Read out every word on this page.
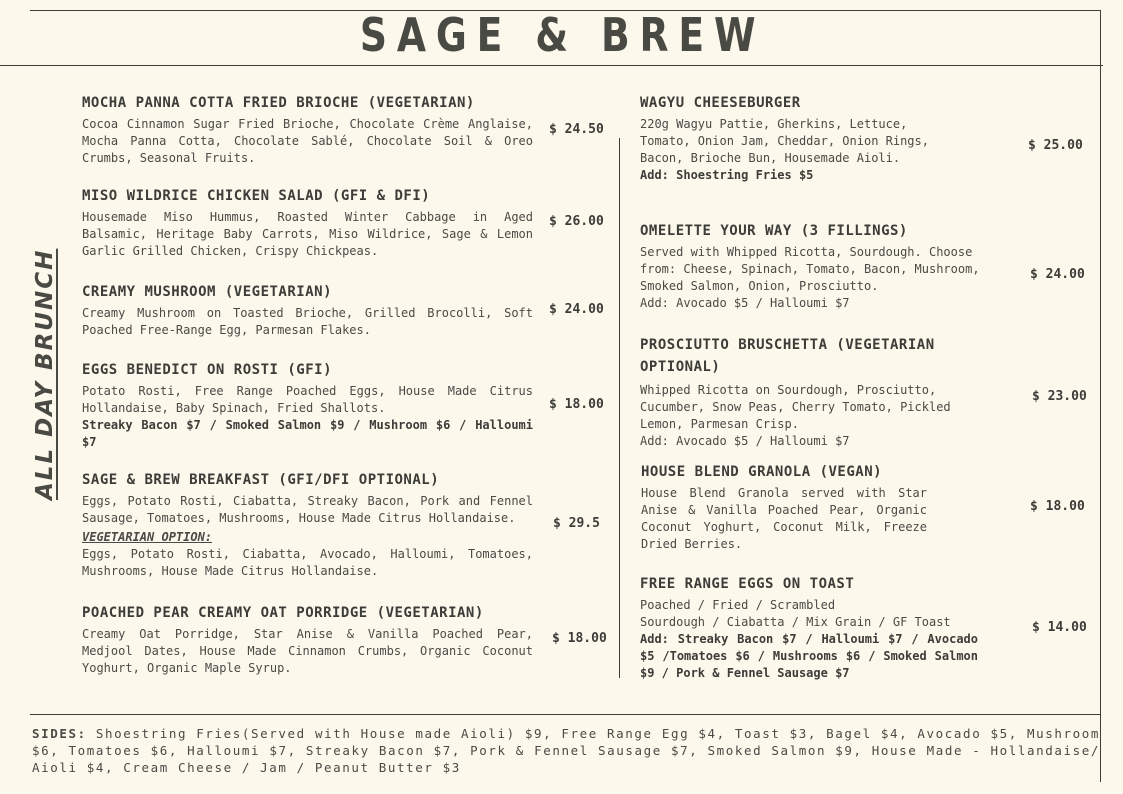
SAGE & BREW
ALL DAY BRUNCH
MOCHA PANNA COTTA FRIED BRIOCHE (VEGETARIAN)

Cocoa Cinnamon Sugar Fried Brioche, Chocolate Crème Anglaise, Mocha Panna Cotta, Chocolate Sablé, Chocolate Soil & Oreo Crumbs, Seasonal Fruits.

$ 24.50
MISO WILDRICE CHICKEN SALAD (GFI & DFI)

Housemade Miso Hummus, Roasted Winter Cabbage in Aged Balsamic, Heritage Baby Carrots, Miso Wildrice, Sage & Lemon Garlic Grilled Chicken, Crispy Chickpeas.

$ 26.00
CREAMY MUSHROOM (VEGETARIAN)

Creamy Mushroom on Toasted Brioche, Grilled Brocolli, Soft Poached Free-Range Egg, Parmesan Flakes.

$ 24.00
EGGS BENEDICT ON ROSTI (GFI)

Potato Rosti, Free Range Poached Eggs, House Made Citrus Hollandaise, Baby Spinach, Fried Shallots.

Streaky Bacon $7 / Smoked Salmon $9 / Mushroom $6 / Halloumi $7

$ 18.00
SAGE & BREW BREAKFAST (GFI/DFI OPTIONAL)

Eggs, Potato Rosti, Ciabatta, Streaky Bacon, Pork and Fennel Sausage, Tomatoes, Mushrooms, House Made Citrus Hollandaise.

VEGETARIAN OPTION:

Eggs, Potato Rosti, Ciabatta, Avocado, Halloumi, Tomatoes, Mushrooms, House Made Citrus Hollandaise.

$ 29.5
POACHED PEAR CREAMY OAT PORRIDGE (VEGETARIAN)

Creamy Oat Porridge, Star Anise & Vanilla Poached Pear, Medjool Dates, House Made Cinnamon Crumbs, Organic Coconut Yoghurt, Organic Maple Syrup.

$ 18.00
WAGYU CHEESEBURGER

220g Wagyu Pattie, Gherkins, Lettuce, Tomato, Onion Jam, Cheddar, Onion Rings, Bacon, Brioche Bun, Housemade Aioli.

Add: Shoestring Fries $5

$ 25.00
OMELETTE YOUR WAY (3 FILLINGS)

Served with Whipped Ricotta, Sourdough. Choose from: Cheese, Spinach, Tomato, Bacon, Mushroom, Smoked Salmon, Onion, Prosciutto.

Add: Avocado $5 / Halloumi $7

$ 24.00
PROSCIUTTO BRUSCHETTA (VEGETARIAN OPTIONAL)

Whipped Ricotta on Sourdough, Prosciutto, Cucumber, Snow Peas, Cherry Tomato, Pickled Lemon, Parmesan Crisp.

Add: Avocado $5 / Halloumi $7

$ 23.00
HOUSE BLEND GRANOLA (VEGAN)

House Blend Granola served with Star Anise & Vanilla Poached Pear, Organic Coconut Yoghurt, Coconut Milk, Freeze Dried Berries.

$ 18.00
FREE RANGE EGGS ON TOAST

Poached / Fried / Scrambled

Sourdough / Ciabatta / Mix Grain / GF Toast

Add: Streaky Bacon $7 / Halloumi $7 / Avocado $5 /Tomatoes $6 / Mushrooms $6 / Smoked Salmon $9 / Pork & Fennel Sausage $7

$ 14.00
SIDES: Shoestring Fries(Served with House made Aioli) $9, Free Range Egg $4, Toast $3, Bagel $4, Avocado $5, Mushroom $6, Tomatoes $6, Halloumi $7, Streaky Bacon $7, Pork & Fennel Sausage $7, Smoked Salmon $9, House Made - Hollandaise/ Aioli $4, Cream Cheese / Jam / Peanut Butter $3
